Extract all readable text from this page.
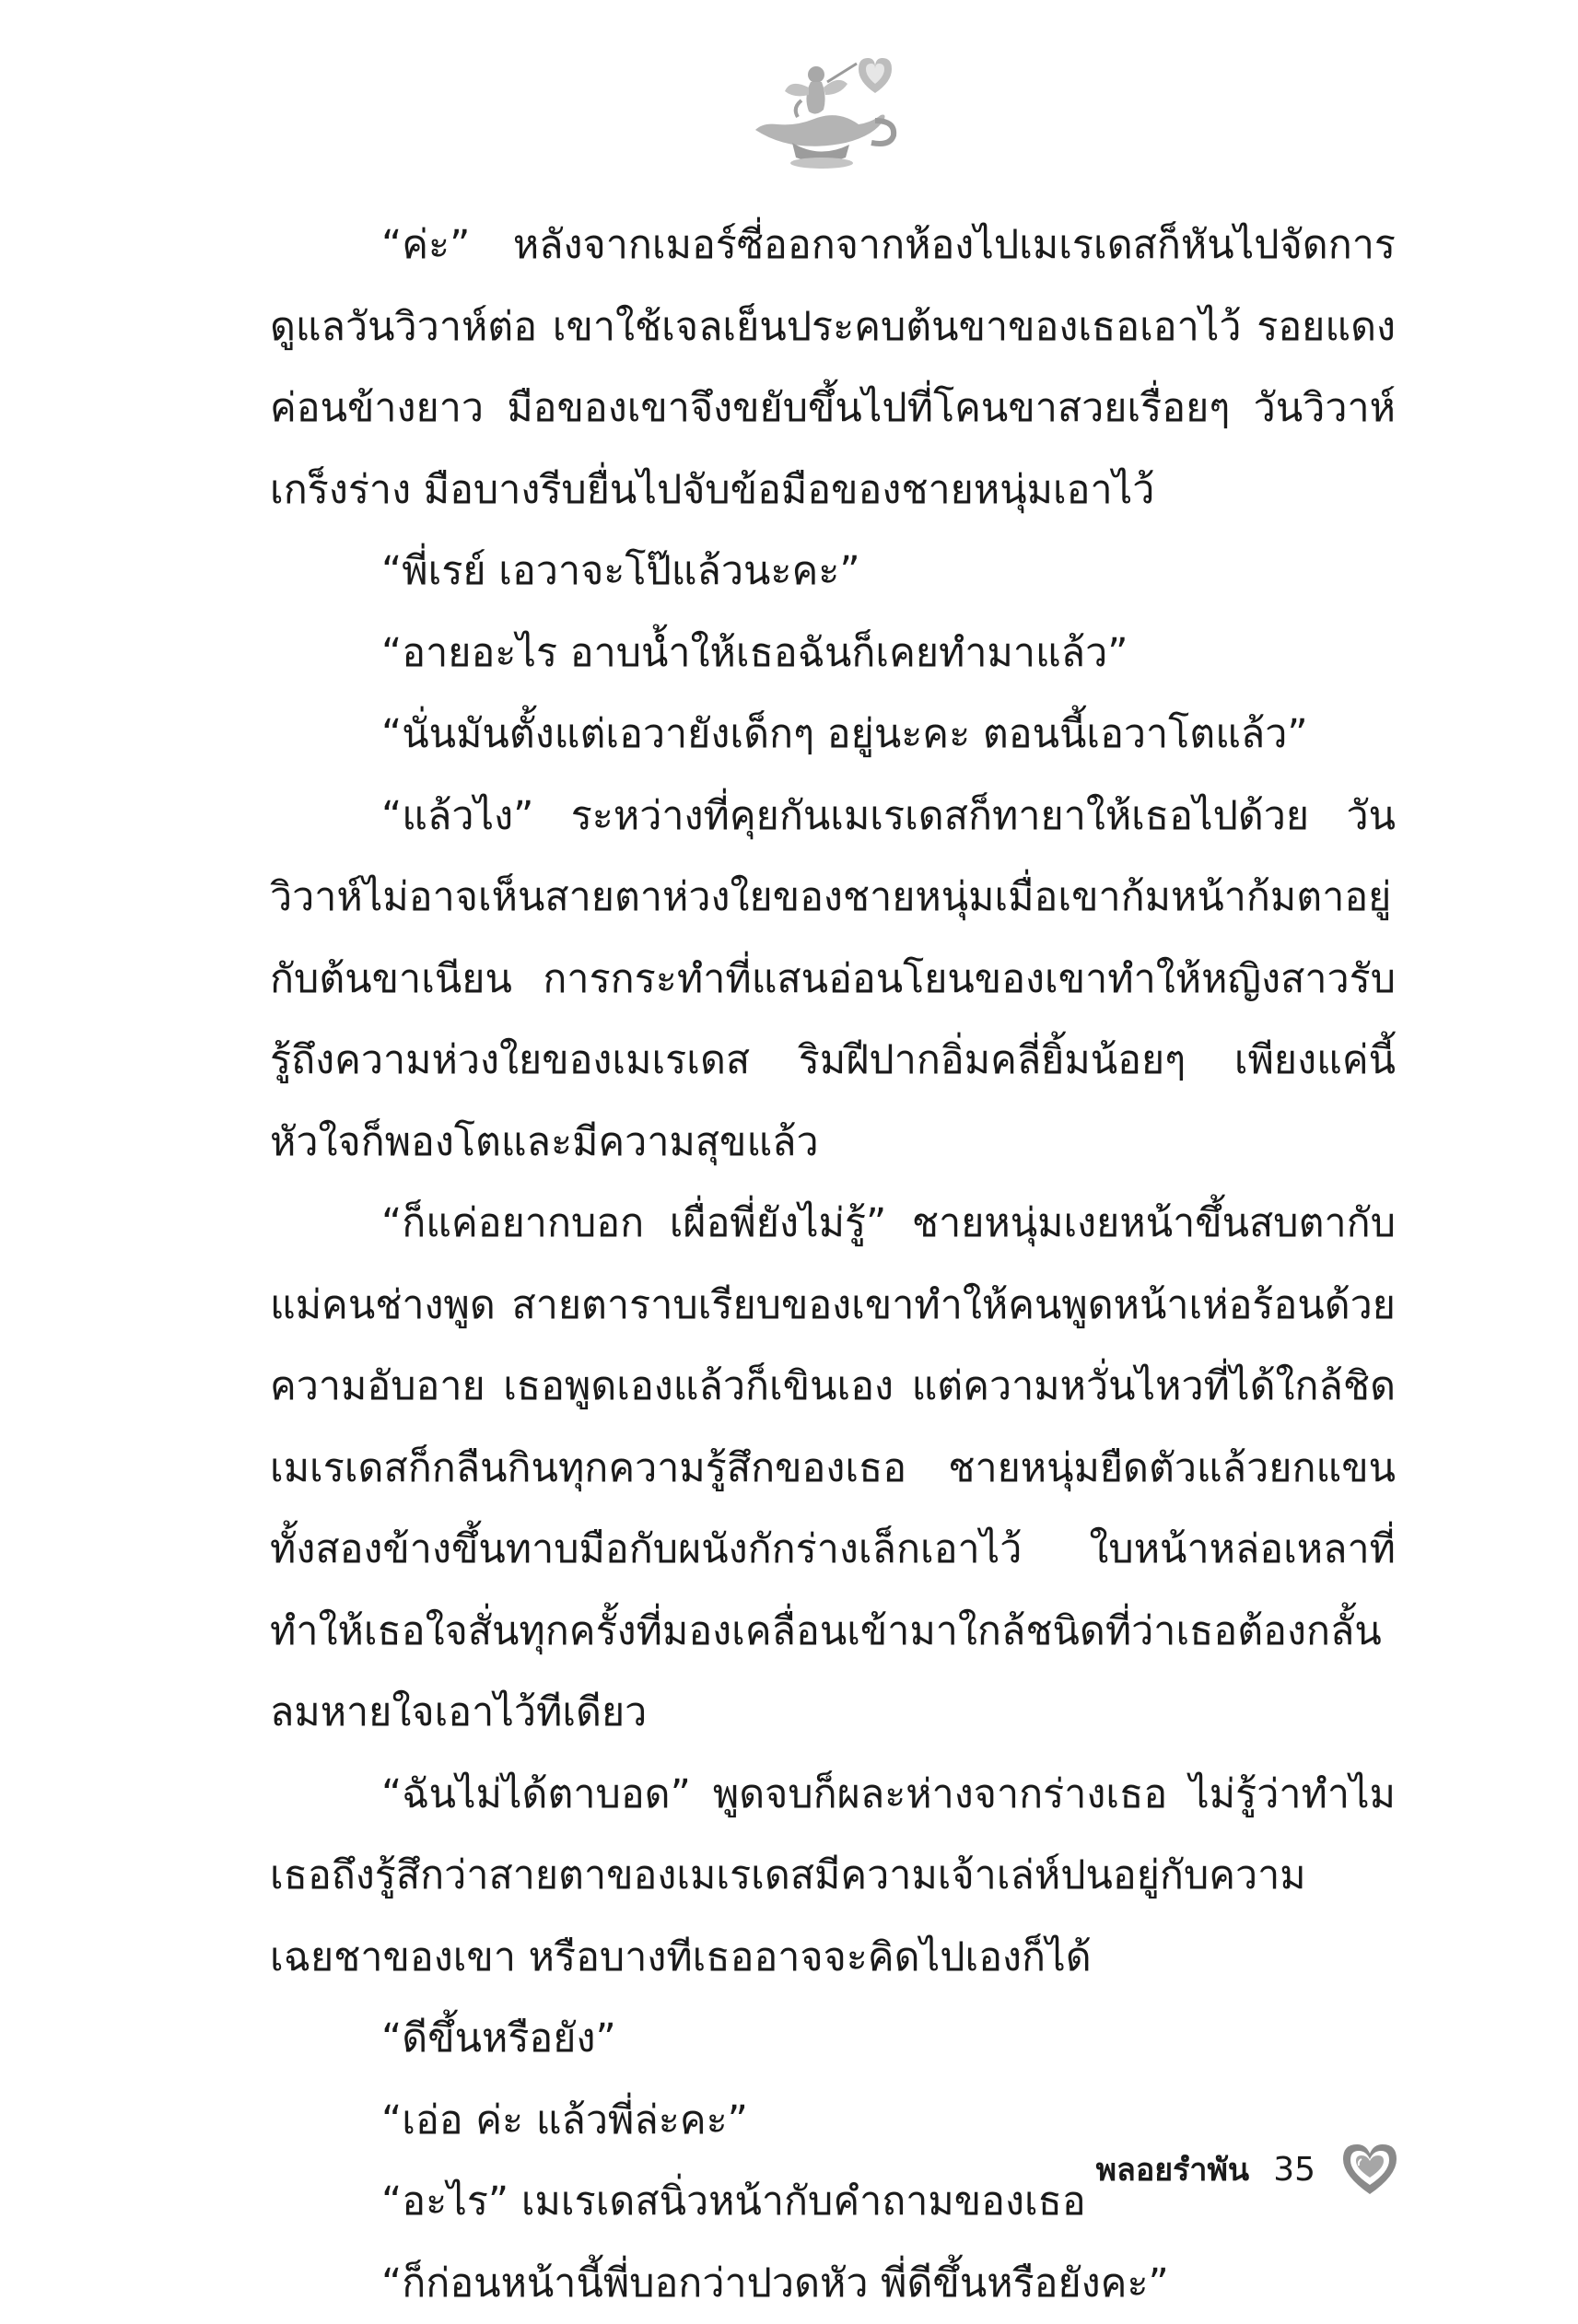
“ค่ะ” หลังจากเมอร์ซี่ออกจากห้องไปเมเรเดสก็หันไปจัดการดูแลวันวิวาห์ต่อ เขาใช้เจลเย็นประคบต้นขาของเธอเอาไว้ รอยแดงค่อนข้างยาว มือของเขาจึงขยับขึ้นไปที่โคนขาสวยเรื่อยๆ วันวิวาห์เกร็งร่าง มือบางรีบยื่นไปจับข้อมือของชายหนุ่มเอาไว้

“พี่เรย์ เอวาจะโป๊แล้วนะคะ”

“อายอะไร อาบน้ำให้เธอฉันก็เคยทำมาแล้ว”

“นั่นมันตั้งแต่เอวายังเด็กๆ อยู่นะคะ ตอนนี้เอวาโตแล้ว”

“แล้วไง” ระหว่างที่คุยกันเมเรเดสก็ทายาให้เธอไปด้วย วันวิวาห์ไม่อาจเห็นสายตาห่วงใยของชายหนุ่มเมื่อเขาก้มหน้าก้มตาอยู่กับต้นขาเนียน การกระทำที่แสนอ่อนโยนของเขาทำให้หญิงสาวรับรู้ถึงความห่วงใยของเมเรเดส ริมฝีปากอิ่มคลี่ยิ้มน้อยๆ เพียงแค่นี้หัวใจก็พองโตและมีความสุขแล้ว

“ก็แค่อยากบอก เผื่อพี่ยังไม่รู้” ชายหนุ่มเงยหน้าขึ้นสบตากับแม่คนช่างพูด สายตาราบเรียบของเขาทำให้คนพูดหน้าเห่อร้อนด้วยความอับอาย เธอพูดเองแล้วก็เขินเอง แต่ความหวั่นไหวที่ได้ใกล้ชิดเมเรเดสก็กลืนกินทุกความรู้สึกของเธอ ชายหนุ่มยืดตัวแล้วยกแขนทั้งสองข้างขึ้นทาบมือกับผนังกักร่างเล็กเอาไว้ ใบหน้าหล่อเหลาที่ทำให้เธอใจสั่นทุกครั้งที่มองเคลื่อนเข้ามาใกล้ชนิดที่ว่าเธอต้องกลั้นลมหายใจเอาไว้ทีเดียว

“ฉันไม่ได้ตาบอด” พูดจบก็ผละห่างจากร่างเธอ ไม่รู้ว่าทำไมเธอถึงรู้สึกว่าสายตาของเมเรเดสมีความเจ้าเล่ห์ปนอยู่กับความเฉยชาของเขา หรือบางทีเธออาจจะคิดไปเองก็ได้

“ดีขึ้นหรือยัง”

“เอ่อ ค่ะ แล้วพี่ล่ะคะ”

“อะไร” เมเรเดสนิ่วหน้ากับคำถามของเธอ

“ก็ก่อนหน้านี้พี่บอกว่าปวดหัว พี่ดีขึ้นหรือยังคะ”

พลอยรำพัน 35
